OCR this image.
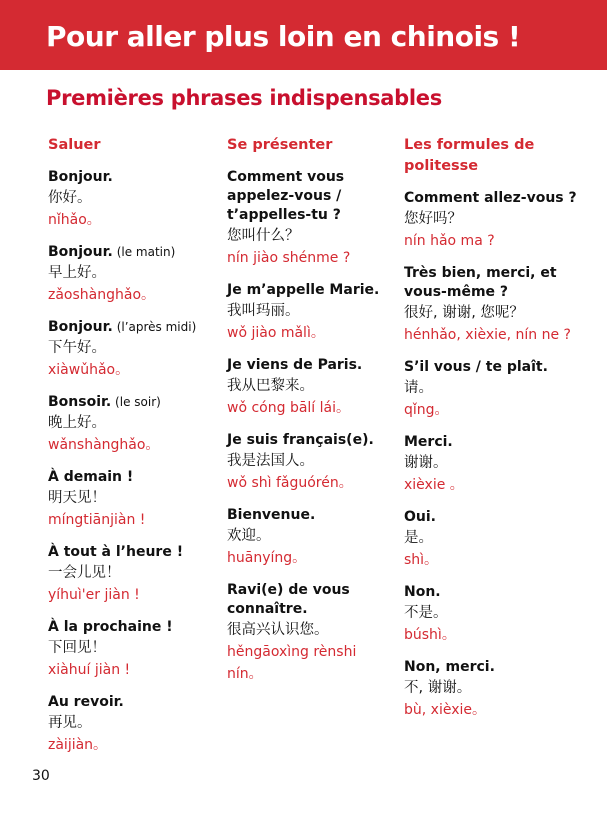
Pour aller plus loin en chinois !
Premières phrases indispensables
Saluer
Bonjour.
你好。
nǐhǎo。
Bonjour. (le matin)
早上好。
zǎoshànghǎo。
Bonjour. (l’après midi)
下午好。
xiàwǔhǎo。
Bonsoir. (le soir)
晚上好。
wǎnshànghǎo。
À demain !
明天见！
míngtiānjiàn !
À tout à l’heure !
一会儿见！
yíhuì'er jiàn !
À la prochaine !
下回见！
xiàhuí jiàn !
Au revoir.
再见。
zàijiàn。
Se présenter
Comment vous appelez-vous / t’appelles-tu ?
您叫什么？
nín jiào shénme ?
Je m’appelle Marie.
我叫玛丽。
wǒ jiào mǎlì。
Je viens de Paris.
我从巴黎来。
wǒ cóng bālí lái。
Je suis français(e).
我是法国人。
wǒ shì fǎguórén。
Bienvenue.
欢迎。
huānyíng。
Ravi(e) de vous connaître.
很高兴认识您。
hěngāoxìng rènshi nín。
Les formules de politesse
Comment allez-vous ?
您好吗？
nín hǎo ma ?
Très bien, merci, et vous-même ?
很好, 谢谢, 您呢？
hénhǎo, xièxie, nín ne ?
S’il vous / te plaît.
请。
qǐng。
Merci.
谢谢。
xièxie 。
Oui.
是。
shì。
Non.
不是。
búshì。
Non, merci.
不, 谢谢。
bù, xièxie。
30
